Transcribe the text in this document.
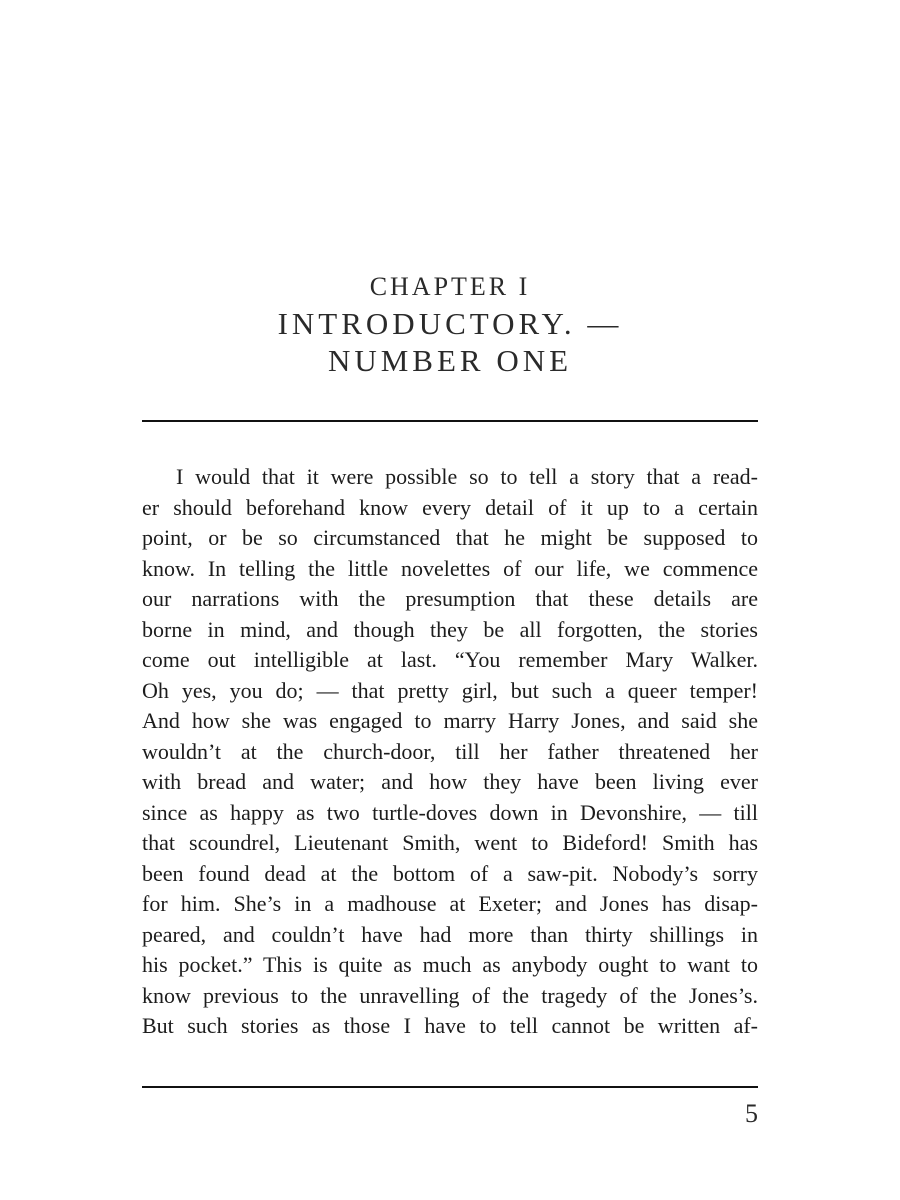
CHAPTER I
INTRODUCTORY. —
NUMBER ONE
I would that it were possible so to tell a story that a read-
er should beforehand know every detail of it up to a certain
point, or be so circumstanced that he might be supposed to
know. In telling the little novelettes of our life, we commence
our narrations with the presumption that these details are
borne in mind, and though they be all forgotten, the stories
come out intelligible at last. “You remember Mary Walker.
Oh yes, you do; — that pretty girl, but such a queer temper!
And how she was engaged to marry Harry Jones, and said she
wouldn’t at the church-door, till her father threatened her
with bread and water; and how they have been living ever
since as happy as two turtle-doves down in Devonshire, — till
that scoundrel, Lieutenant Smith, went to Bideford! Smith has
been found dead at the bottom of a saw-pit. Nobody’s sorry
for him. She’s in a madhouse at Exeter; and Jones has disap-
peared, and couldn’t have had more than thirty shillings in
his pocket.” This is quite as much as anybody ought to want to
know previous to the unravelling of the tragedy of the Jones’s.
But such stories as those I have to tell cannot be written af-
5
